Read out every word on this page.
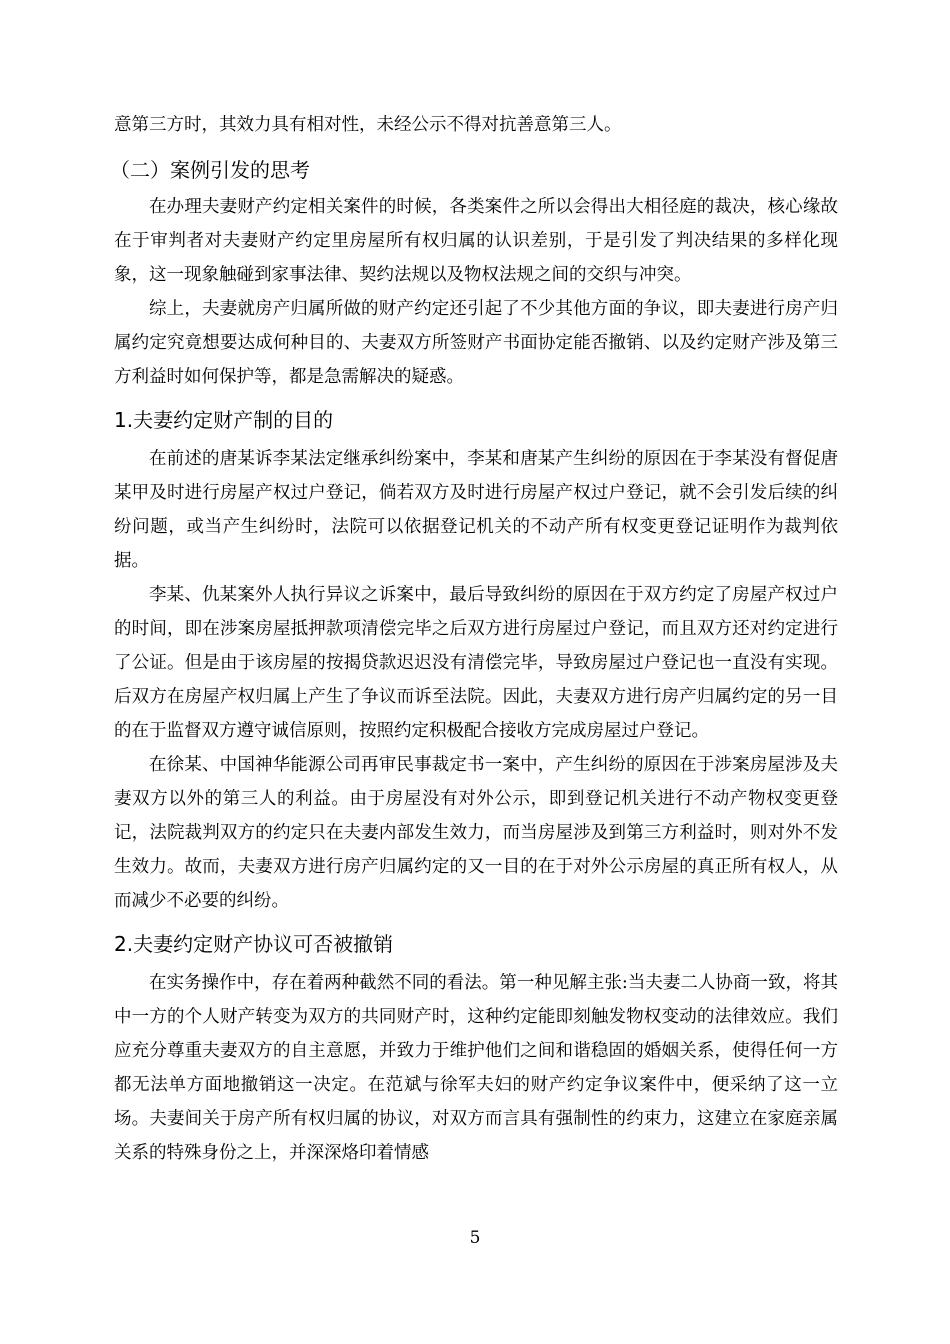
意第三方时，其效力具有相对性，未经公示不得对抗善意第三人。

（二）案例引发的思考

在办理夫妻财产约定相关案件的时候，各类案件之所以会得出大相径庭的裁决，核心缘故在于审判者对夫妻财产约定里房屋所有权归属的认识差别，于是引发了判决结果的多样化现象，这一现象触碰到家事法律、契约法规以及物权法规之间的交织与冲突。

综上，夫妻就房产归属所做的财产约定还引起了不少其他方面的争议，即夫妻进行房产归属约定究竟想要达成何种目的、夫妻双方所签财产书面协定能否撤销、以及约定财产涉及第三方利益时如何保护等，都是急需解决的疑惑。

1.夫妻约定财产制的目的

在前述的唐某诉李某法定继承纠纷案中，李某和唐某产生纠纷的原因在于李某没有督促唐某甲及时进行房屋产权过户登记，倘若双方及时进行房屋产权过户登记，就不会引发后续的纠纷问题，或当产生纠纷时，法院可以依据登记机关的不动产所有权变更登记证明作为裁判依据。

李某、仇某案外人执行异议之诉案中，最后导致纠纷的原因在于双方约定了房屋产权过户的时间，即在涉案房屋抵押款项清偿完毕之后双方进行房屋过户登记，而且双方还对约定进行了公证。但是由于该房屋的按揭贷款迟迟没有清偿完毕，导致房屋过户登记也一直没有实现。后双方在房屋产权归属上产生了争议而诉至法院。因此，夫妻双方进行房产归属约定的另一目的在于监督双方遵守诚信原则，按照约定积极配合接收方完成房屋过户登记。

在徐某、中国神华能源公司再审民事裁定书一案中，产生纠纷的原因在于涉案房屋涉及夫妻双方以外的第三人的利益。由于房屋没有对外公示，即到登记机关进行不动产物权变更登记，法院裁判双方的约定只在夫妻内部发生效力，而当房屋涉及到第三方利益时，则对外不发生效力。故而，夫妻双方进行房产归属约定的又一目的在于对外公示房屋的真正所有权人，从而减少不必要的纠纷。

2.夫妻约定财产协议可否被撤销

在实务操作中，存在着两种截然不同的看法。第一种见解主张:当夫妻二人协商一致，将其中一方的个人财产转变为双方的共同财产时，这种约定能即刻触发物权变动的法律效应。我们应充分尊重夫妻双方的自主意愿，并致力于维护他们之间和谐稳固的婚姻关系，使得任何一方都无法单方面地撤销这一决定。在范斌与徐军夫妇的财产约定争议案件中，便采纳了这一立场。夫妻间关于房产所有权归属的协议，对双方而言具有强制性的约束力，这建立在家庭亲属关系的特殊身份之上，并深深烙印着情感

5
